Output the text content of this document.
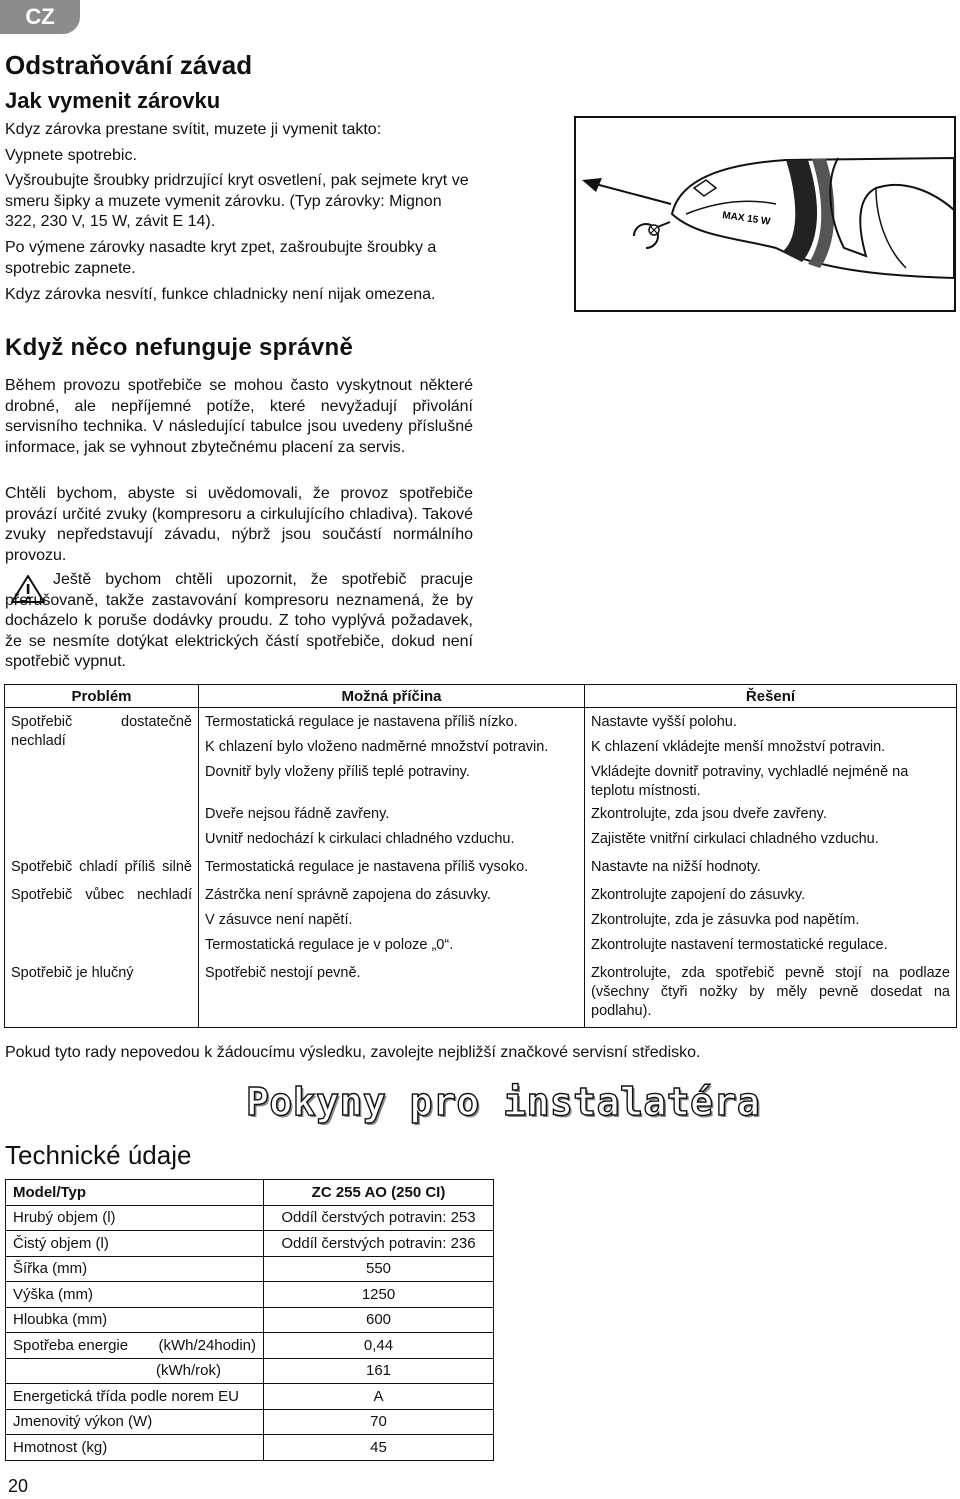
CZ
Odstraňování závad
Jak vymenit zárovku

Kdyz zárovka prestane svítit, muzete ji vymenit takto:

Vypnete spotrebic.

Vyšroubujte šroubky pridrzující kryt osvetlení, pak sejmete kryt ve smeru šipky a muzete vymenit zárovku. (Typ zárovky: Mignon 322, 230 V, 15 W, závit E 14).

Po výmene zárovky nasadte kryt zpet, zašroubujte šroubky a spotrebic zapnete.

Kdyz zárovka nesvítí, funkce chladnicky není nijak omezena.

MAX 15 W
Když něco nefunguje správně

Během provozu spotřebiče se mohou často vyskytnout některé drobné, ale nepříjemné potíže, které nevyžadují přivolání servisního technika. V následující tabulce jsou uvedeny příslušné informace, jak se vyhnout zbytečnému placení za servis.

Chtěli bychom, abyste si uvědomovali, že provoz spotřebiče provází určité zvuky (kompresoru a cirkulujícího chladiva). Takové zvuky nepředstavují závadu, nýbrž jsou součástí normálního provozu.

Ještě bychom chtěli upozornit, že spotřebič pracuje přerušovaně, takže zastavování kompresoru neznamená, že by docházelo k poruše dodávky proudu. Z toho vyplývá požadavek, že se nesmíte dotýkat elektrických částí spotřebiče, dokud není spotřebič vypnut.

Problém	Možná příčina	Řešení
Spotřebič dostatečně nechladí	Termostatická regulace je nastavena příliš nízko.	Nastavte vyšší polohu.
	K chlazení bylo vloženo nadměrné množství potravin.	K chlazení vkládejte menší množství potravin.
	Dovnitř byly vloženy příliš teplé potraviny.	Vkládejte dovnitř potraviny, vychladlé nejméně na teplotu místnosti.
	Dveře nejsou řádně zavřeny.	Zkontrolujte, zda jsou dveře zavřeny.
	Uvnitř nedochází k cirkulaci chladného vzduchu.	Zajistěte vnitřní cirkulaci chladného vzduchu.
Spotřebič chladí příliš silně	Termostatická regulace je nastavena příliš vysoko.	Nastavte na nižší hodnoty.
Spotřebič vůbec nechladí	Zástrčka není správně zapojena do zásuvky.	Zkontrolujte zapojení do zásuvky.
	V zásuvce není napětí.	Zkontrolujte, zda je zásuvka pod napětím.
	Termostatická regulace je v poloze „0“.	Zkontrolujte nastavení termostatické regulace.
Spotřebič je hlučný	Spotřebič nestojí pevně.	Zkontrolujte, zda spotřebič pevně stojí na podlaze (všechny čtyři nožky by měly pevně dosedat na podlahu).

Pokud tyto rady nepovedou k žádoucímu výsledku, zavolejte nejbližší značkové servisní středisko.

Pokyny pro instalatéra
Technické údaje
Model/Typ	ZC 255 AO (250 CI)
Hrubý objem (l)	Oddíl čerstvých potravin: 253
Čistý objem (l)	Oddíl čerstvých potravin: 236
Šířka (mm)	550
Výška (mm)	1250
Hloubka (mm)	600

Spotřeba energie (kWh/24hodin)	0,44
(kWh/rok)	161
Energetická třída podle norem EU	A
Jmenovitý výkon (W)	70
Hmotnost (kg)	45
20
